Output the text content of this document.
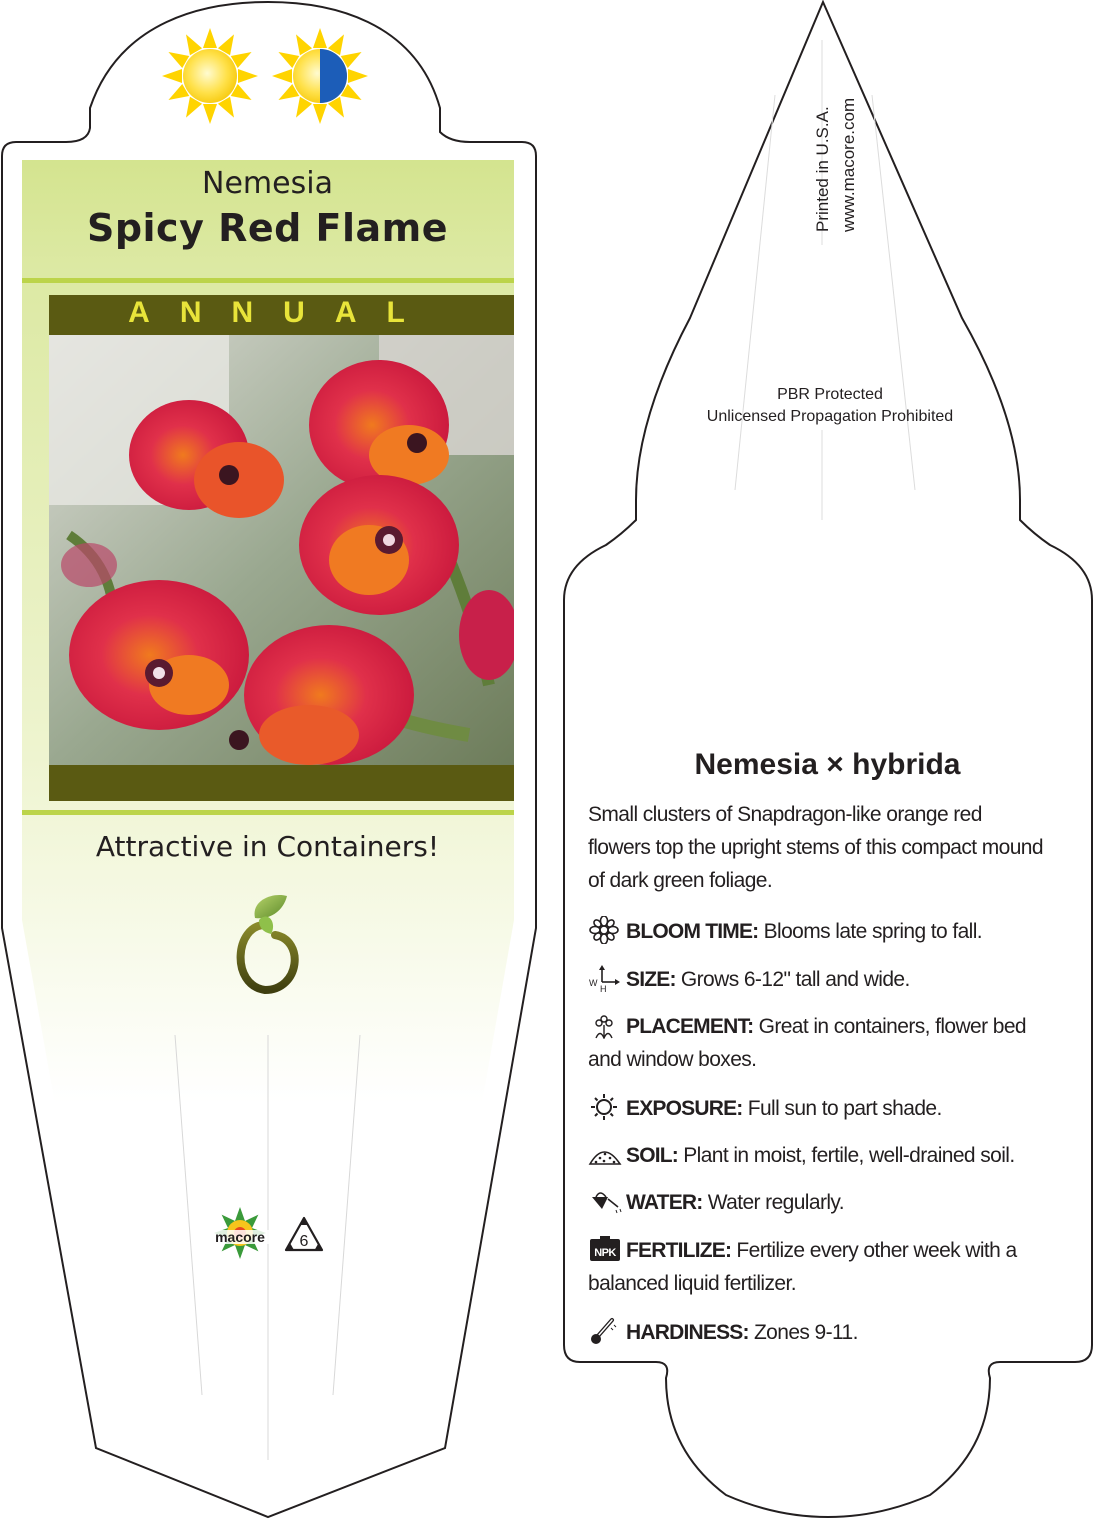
Nemesia
Spicy Red Flame
ANNUAL
Attractive in Containers!
macore 6
Printed in U.S.A. www.macore.com
PBR Protected
Unlicensed Propagation Prohibited
Nemesia × hybrida
Small clusters of Snapdragon-like orange red flowers top the upright stems of this compact mound of dark green foliage.
BLOOM TIME: Blooms late spring to fall.
W
H SIZE: Grows 6-12" tall and wide.
PLACEMENT: Great in containers, flower bed and window boxes.
EXPOSURE: Full sun to part shade.
SOIL: Plant in moist, fertile, well-drained soil.
WATER: Water regularly.
NPK FERTILIZE: Fertilize every other week with a balanced liquid fertilizer.
HARDINESS: Zones 9-11.
